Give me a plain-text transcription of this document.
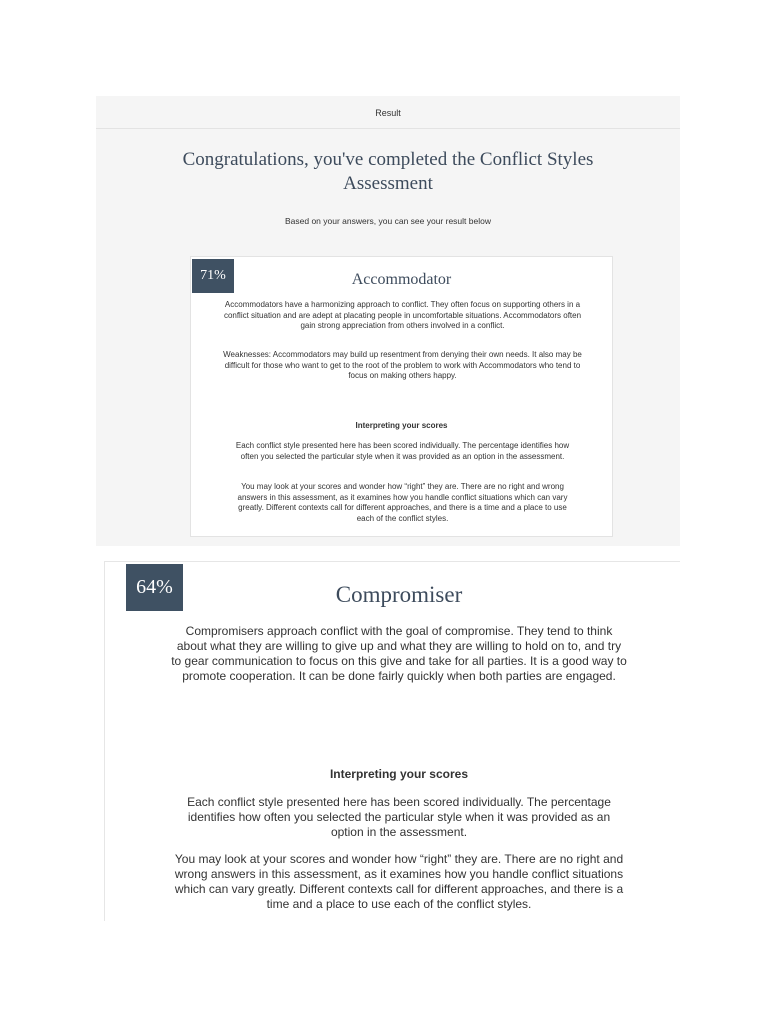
Result
Congratulations, you've completed the Conflict Styles Assessment
Based on your answers, you can see your result below
71%	Accommodator

Accommodators have a harmonizing approach to conflict. They often focus on supporting others in a conflict situation and are adept at placating people in uncomfortable situations. Accommodators often gain strong appreciation from others involved in a conflict.

Weaknesses: Accommodators may build up resentment from denying their own needs. It also may be difficult for those who want to get to the root of the problem to work with Accommodators who tend to focus on making others happy.

Interpreting your scores

Each conflict style presented here has been scored individually. The percentage identifies how often you selected the particular style when it was provided as an option in the assessment.

You may look at your scores and wonder how “right” they are. There are no right and wrong answers in this assessment, as it examines how you handle conflict situations which can vary greatly. Different contexts call for different approaches, and there is a time and a place to use each of the conflict styles.

64%	Compromiser

Compromisers approach conflict with the goal of compromise. They tend to think about what they are willing to give up and what they are willing to hold on to, and try to gear communication to focus on this give and take for all parties. It is a good way to promote cooperation. It can be done fairly quickly when both parties are engaged.

Interpreting your scores

Each conflict style presented here has been scored individually. The percentage identifies how often you selected the particular style when it was provided as an option in the assessment.

You may look at your scores and wonder how “right” they are. There are no right and wrong answers in this assessment, as it examines how you handle conflict situations which can vary greatly. Different contexts call for different approaches, and there is a time and a place to use each of the conflict styles.
